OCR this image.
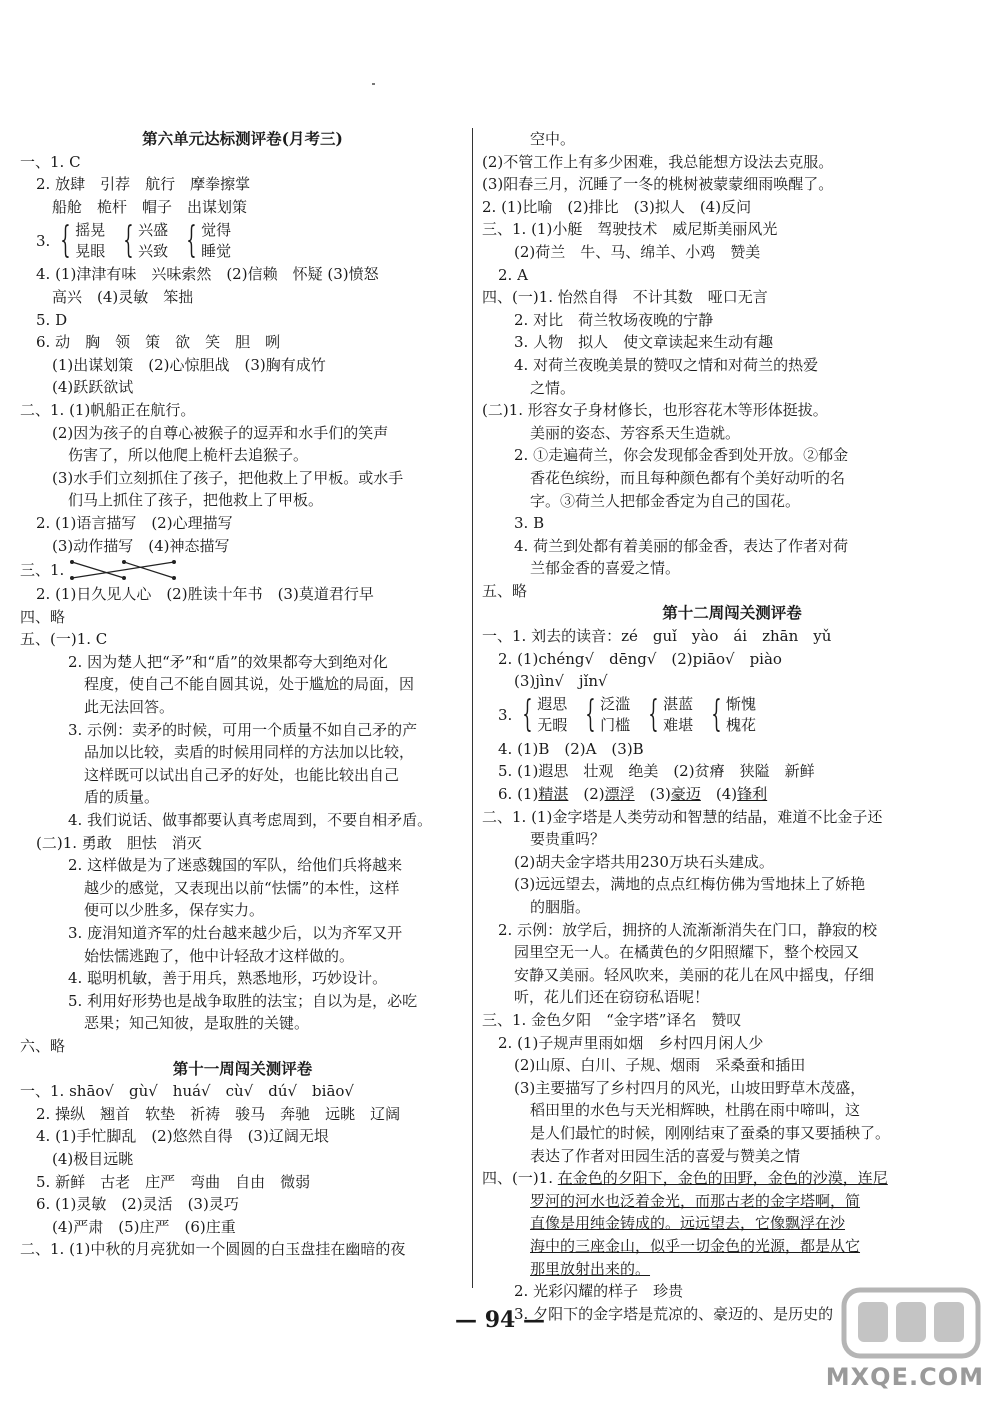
第六单元达标测评卷(月考三)
一、1. C
2. 放肆　引荐　航行　摩拳擦掌
船舱　桅杆　帽子　出谋划策
3. { 摇晃
晃眼 { 兴盛
兴致 { 觉得
睡觉
4. (1)津津有味　兴味索然　(2)信赖　怀疑 (3)愤怒
高兴　(4)灵敏　笨拙
5. D
6. 动　胸　领　策　欲　笑　胆　咧
(1)出谋划策　(2)心惊胆战　(3)胸有成竹
(4)跃跃欲试
二、1. (1)帆船正在航行。
(2)因为孩子的自尊心被猴子的逗弄和水手们的笑声
伤害了，所以他爬上桅杆去追猴子。
(3)水手们立刻抓住了孩子，把他救上了甲板。或水手
们马上抓住了孩子，把他救上了甲板。
2. (1)语言描写　(2)心理描写
(3)动作描写　(4)神态描写
三、1.
2. (1)日久见人心　(2)胜读十年书　(3)莫道君行早
四、略
五、(一)1. C
2. 因为楚人把“矛”和“盾”的效果都夸大到绝对化
程度，使自己不能自圆其说，处于尴尬的局面，因
此无法回答。
3. 示例：卖矛的时候，可用一个质量不如自己矛的产
品加以比较，卖盾的时候用同样的方法加以比较，
这样既可以试出自己矛的好处，也能比较出自己
盾的质量。
4. 我们说话、做事都要认真考虑周到，不要自相矛盾。
(二)1. 勇敢　胆怯　消灭
2. 这样做是为了迷惑魏国的军队，给他们兵将越来
越少的感觉，又表现出以前“怯懦”的本性，这样
便可以少胜多，保存实力。
3. 庞涓知道齐军的灶台越来越少后，以为齐军又开
始怯懦逃跑了，他中计轻敌才这样做的。
4. 聪明机敏，善于用兵，熟悉地形，巧妙设计。
5. 利用好形势也是战争取胜的法宝；自以为是，必吃
恶果；知己知彼，是取胜的关键。
六、略
第十一周闯关测评卷
一、1. shāo√　gù√　huá√　cù√　dú√　biāo√
2. 操纵　翘首　软垫　祈祷　骏马　奔驰　远眺　辽阔
4. (1)手忙脚乱　(2)悠然自得　(3)辽阔无垠
(4)极目远眺
5. 新鲜　古老　庄严　弯曲　自由　微弱
6. (1)灵敏　(2)灵活　(3)灵巧
(4)严肃　(5)庄严　(6)庄重
二、1. (1)中秋的月亮犹如一个圆圆的白玉盘挂在幽暗的夜
空中。
(2)不管工作上有多少困难，我总能想方设法去克服。
(3)阳春三月，沉睡了一冬的桃树被蒙蒙细雨唤醒了。
2. (1)比喻　(2)排比　(3)拟人　(4)反问
三、1. (1)小艇　驾驶技术　威尼斯美丽风光
(2)荷兰　牛、马、绵羊、小鸡　赞美
2. A
四、(一)1. 怡然自得　不计其数　哑口无言
2. 对比　荷兰牧场夜晚的宁静
3. 人物　拟人　使文章读起来生动有趣
4. 对荷兰夜晚美景的赞叹之情和对荷兰的热爱
之情。
(二)1. 形容女子身材修长，也形容花木等形体挺拔。
美丽的姿态、芳容系天生造就。
2. ①走遍荷兰，你会发现郁金香到处开放。②郁金
香花色缤纷，而且每种颜色都有个美好动听的名
字。③荷兰人把郁金香定为自己的国花。
3. B
4. 荷兰到处都有着美丽的郁金香，表达了作者对荷
兰郁金香的喜爱之情。
五、略
第十二周闯关测评卷
一、1. 刘去的读音：zé　guǐ　yào　ái　zhān　yǔ
2. (1)chéng√　dēng√　(2)piāo√　piào
(3)jìn√　jǐn√
3. { 遐思
无暇 { 泛滥
门槛 { 湛蓝
难堪 { 惭愧
槐花
4. (1)B　(2)A　(3)B
5. (1)遐思　壮观　绝美　(2)贫瘠　狭隘　新鲜
6. (1)精湛　(2)漂浮　(3)豪迈　(4)锋利
二、1. (1)金字塔是人类劳动和智慧的结晶，难道不比金子还
要贵重吗？
(2)胡夫金字塔共用230万块石头建成。
(3)远远望去，满地的点点红梅仿佛为雪地抹上了娇艳
的胭脂。
2. 示例：放学后，拥挤的人流渐渐消失在门口，静寂的校
园里空无一人。在橘黄色的夕阳照耀下，整个校园又
安静又美丽。轻风吹来，美丽的花儿在风中摇曳，仔细
听，花儿们还在窃窃私语呢！
三、1. 金色夕阳　“金字塔”译名　赞叹
2. (1)子规声里雨如烟　乡村四月闲人少
(2)山原、白川、子规、烟雨　采桑蚕和插田
(3)主要描写了乡村四月的风光，山坡田野草木茂盛，
稻田里的水色与天光相辉映，杜鹃在雨中啼叫，这
是人们最忙的时候，刚刚结束了蚕桑的事又要插秧了。
表达了作者对田园生活的喜爱与赞美之情
四、(一)1. 在金色的夕阳下，金色的田野，金色的沙漠，连尼
罗河的河水也泛着金光，而那古老的金字塔啊，简
直像是用纯金铸成的。远远望去，它像飘浮在沙
海中的三座金山，似乎一切金色的光源，都是从它
那里放射出来的。
2. 光彩闪耀的样子　珍贵
3. 夕阳下的金字塔是荒凉的、豪迈的、是历史的
— 94 —
MXQE.COM
